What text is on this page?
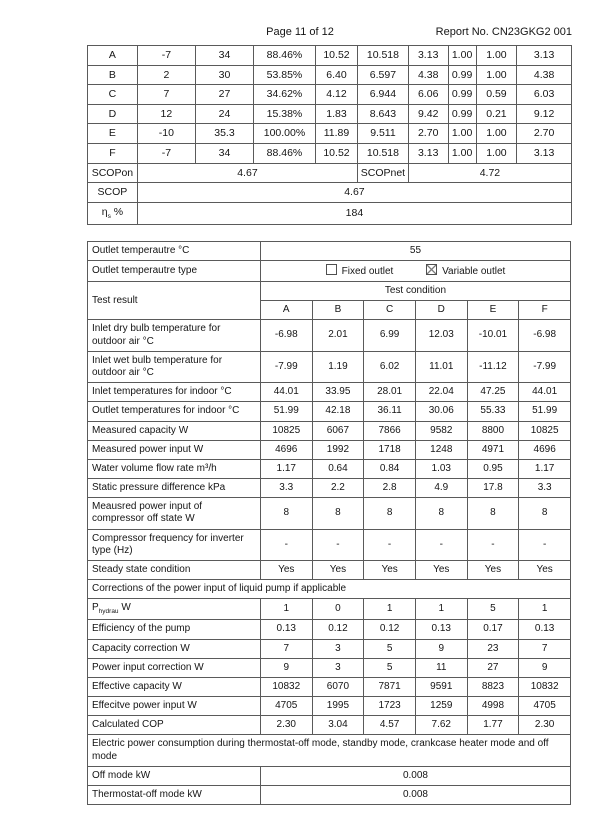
Page 11 of 12	Report No. CN23GKG2 001
A	-7	34	88.46%	10.52	10.518	3.13	1.00	1.00	3.13
B	2	30	53.85%	6.40	6.597	4.38	0.99	1.00	4.38
C	7	27	34.62%	4.12	6.944	6.06	0.99	0.59	6.03
D	12	24	15.38%	1.83	8.643	9.42	0.99	0.21	9.12
E	-10	35.3	100.00%	11.89	9.511	2.70	1.00	1.00	2.70
F	-7	34	88.46%	10.52	10.518	3.13	1.00	1.00	3.13
SCOPon	4.67				SCOPnet	4.72			
SCOP	4.67								
$\eta_s$ %	184								
Outlet temperautre °C	55					
Outlet temperautre type	Fixed outlet Variable outlet					
Test result	Test condition					
	A	B	C	D	E	F
Inlet dry bulb temperature for outdoor air °C	-6.98	2.01	6.99	12.03	-10.01	-6.98
Inlet wet bulb temperature for outdoor air °C	-7.99	1.19	6.02	11.01	-11.12	-7.99
Inlet temperatures for indoor °C	44.01	33.95	28.01	22.04	47.25	44.01
Outlet temperatures for indoor °C	51.99	42.18	36.11	30.06	55.33	51.99
Measured capacity W	10825	6067	7866	9582	8800	10825
Measured power input W	4696	1992	1718	1248	4971	4696
Water volume flow rate m³/h	1.17	0.64	0.84	1.03	0.95	1.17
Static pressure difference kPa	3.3	2.2	2.8	4.9	17.8	3.3
Meausred power input of compressor off state W	8	8	8	8	8	8
Compressor frequency for inverter type (Hz)	-	-	-	-	-	-
Steady state condition	Yes	Yes	Yes	Yes	Yes	Yes
Corrections of the power input of liquid pump if applicable						
$P_{hydrau}$ W	1	0	1	1	5	1
Efficiency of the pump	0.13	0.12	0.12	0.13	0.17	0.13
Capacity correction W	7	3	5	9	23	7
Power input correction W	9	3	5	11	27	9
Effective capacity W	10832	6070	7871	9591	8823	10832
Effecitve power input W	4705	1995	1723	1259	4998	4705
Calculated COP	2.30	3.04	4.57	7.62	1.77	2.30
Electric power consumption during thermostat-off mode, standby mode, crankcase heater mode and off mode						
Off mode kW	0.008					
Thermostat-off mode kW	0.008					
